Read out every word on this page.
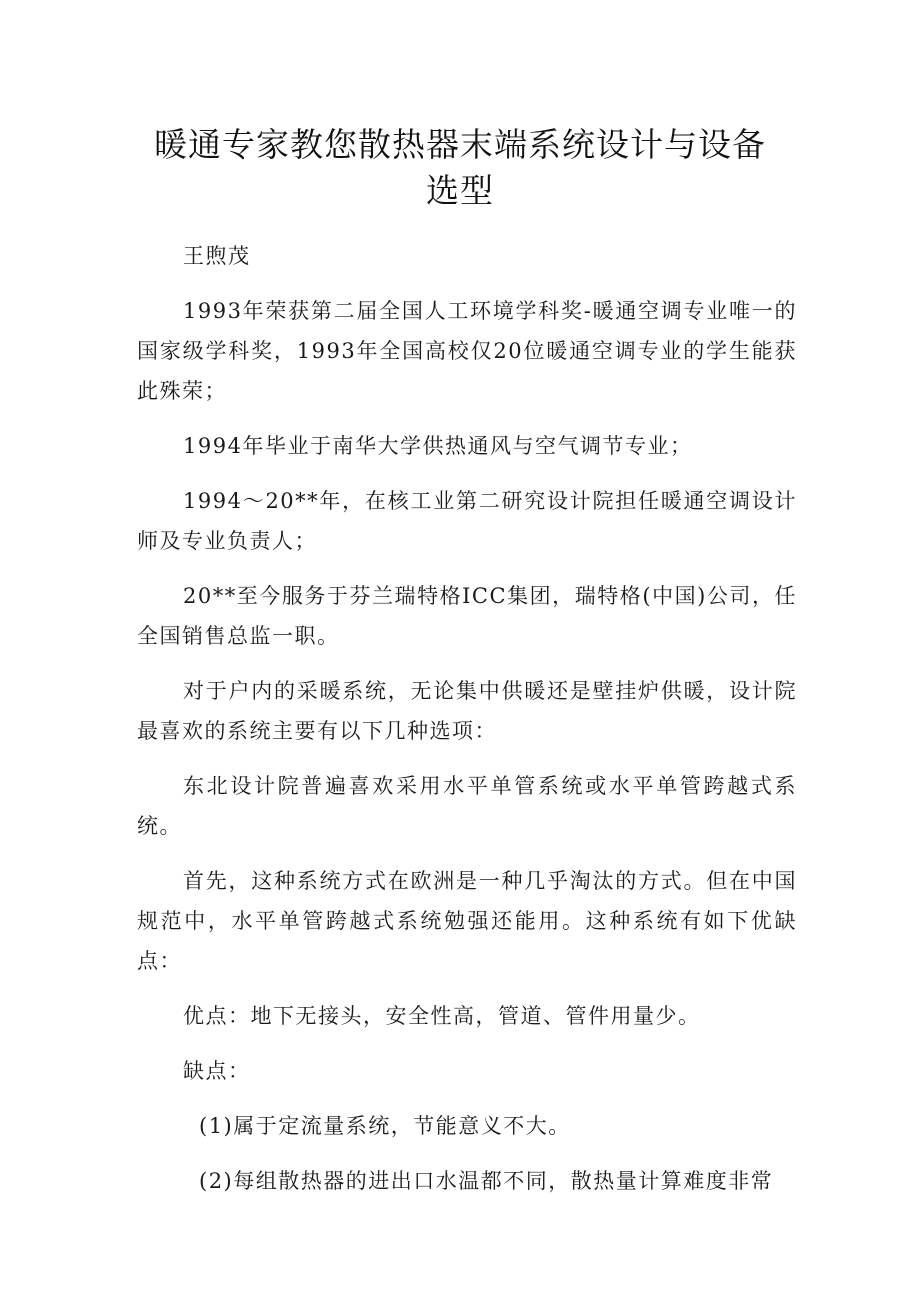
暖通专家教您散热器末端系统设计与设备选型

王煦茂

1993年荣获第二届全国人工环境学科奖-暖通空调专业唯一的国家级学科奖，1993年全国高校仅20位暖通空调专业的学生能获此殊荣；

1994年毕业于南华大学供热通风与空气调节专业；

1994～20**年，在核工业第二研究设计院担任暖通空调设计师及专业负责人；

20**至今服务于芬兰瑞特格ICC集团，瑞特格(中国)公司，任全国销售总监一职。

对于户内的采暖系统，无论集中供暖还是壁挂炉供暖，设计院最喜欢的系统主要有以下几种选项：

东北设计院普遍喜欢采用水平单管系统或水平单管跨越式系统。

首先，这种系统方式在欧洲是一种几乎淘汰的方式。但在中国规范中，水平单管跨越式系统勉强还能用。这种系统有如下优缺点：

优点：地下无接头，安全性高，管道、管件用量少。

缺点：

(1)属于定流量系统，节能意义不大。

(2)每组散热器的进出口水温都不同，散热量计算难度非常
